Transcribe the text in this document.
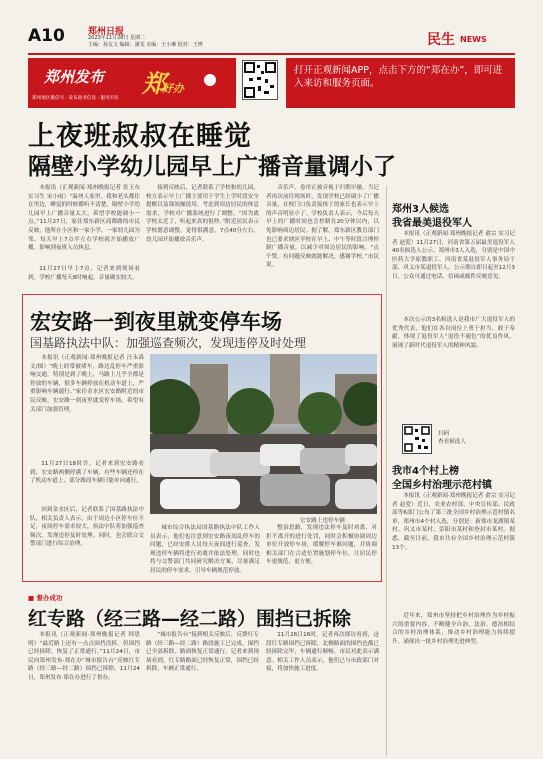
A10	郑州日报
2023年11月28日 星期二
主编：孙友文 编辑：潘雯 美编：王小琳 校对：王博	民生 NEWS
郑州发布
郑州地区微信号 · 发布政务信息 · 服务市民
郑
好办
打开正观新闻APP，点击下方的“郑在办”，即可进入来访和服务页面。
上夜班叔叔在睡觉
隔壁小学幼儿园早上广播音量调小了

本报讯（正观新闻·郑州晚报记者 张玉东 实习生 宋小雨）“温州人家里，我和老头都住在里边，睡觉的时候都听不清楚，隔壁小学幼儿园早上广播音量太大，希望学校能调小一点。”11月27日，家住郑东新区商都路的市民反映，他所在小区和一家小学、一家幼儿园为邻，每天早上7点半左右学校就开始播放广播，影响到夜班人员休息。

11月27日早上7点，记者来到现场看到，学校广播每天8时响起，音量确实较大。

接到反映后，记者联系了学校和幼儿园，校方表示早上广播主要用于学生上学时段安全提醒以及课间操使用，考虑到周边居民的休息需求，学校对广播系统进行了调整。“因为离学校太近了，听起来真的很吵。”附近居民表示学校愿意调整，觉得很满意。7点40分左右，幼儿园开始播放音乐声。

音乐声，卷帘正被音视于归期早操，当记者再次前往现场时，发现学校已经调小了广播音量，在校门口负责接孩子的家长也表示早上的声音明显小了。学校负责人表示，今后每天早上的广播时间也会控制在20分钟以内，以免影响周边居民。据了解，郑东新区教育部门也已要求辖区学校在早上、中午等时段合理控制广播音量，以减少对周边居民的影响。“点个赞，有问题反映就能解决，感谢学校。”市民说。

宏安路一到夜里就变停车场
国基路执法中队：加强巡查频次，发现违停及时处理

本报讯（正观新闻·郑州晚报记者 汪永森 文/图）“晚上经常被堵车，路边乱停车严重影响交通，特别是到了晚上，马路上几乎全都是停放的车辆，很多车辆停放在机动车道上，严重影响车辆通行。”家住金水区宏安路附近的市民反映，宏安路一到夜里就变停车场，希望有关部门加强管理。

11月27日18时许，记者来到宏安路看到，宏安路两侧停满了车辆，有些车辆还停在了机动车道上，部分路段车辆只能单向通行。

回到金水区后，记者联系了国基路执法中队，相关负责人表示，由于周边小区停车位不足，夜间停车需求较大，执法中队将加强巡查频次，发现违停及时处理。同时，也会联合交警部门进行综合治理。

宏安路上违停车辆

城市综合执法局国基路执法中队工作人员表示，他们也注意到宏安路夜间乱停车的问题，已经安排人员每天夜间进行巡查，发现违停车辆将进行劝离并依法处理，同时也将与交警部门共同研究解决方案，尽量满足居民的停车需求，引导车辆规范停放。

整治思路，发现违法停车及时劝离，对拒不离开的进行处罚，同时会积极协调周边单位开放停车场，缓解停车难问题，并协调相关部门在合适位置施划停车位，让居民停车更规范、更方便。

■ 督办成功
红专路（经三路—经二路）围挡已拆除

本报讯（正观新闻·郑州晚报记者 韩思明）“最近路上还有一点点围挡没拆，但围挡已经拆除，恢复了正常通行。”11月24日，市民向郑州发布·郑在办“城市报告台”反映红专路（经三路—经二路）围挡已拆除。11月24日，郑州发布·郑在办进行了督办。

“城市报告台”接到相关反映后，反馈红专路（经三路—经二路）路段施工已完成，围挡已全部拆除，路面恢复正常通行。记者来到现场看到，红专路路面已经恢复正常，围挡已经拆除，车辆正常通行。

11月26日16时，记者再次探访看到，这段红专路围挡已拆除，北侧路面的围挡也都已经拆除完毕，车辆通行顺畅，市民对此表示满意。相关工作人员表示，他们已与市政部门对接，将加快施工进度。

郑州3人候选
我省最美退役军人

本报讯（正观新闻·郑州晚报记者 俞宗 实习记者 赵爱）11月27日，河南省第五届最美退役军人40名候选人公示。郑州市3人入选，分别是中国中医药大学原教职工、河南省某退役军人事务局干部、巩义市某退役军人。公示期自即日起至12月3日，公众可通过电话、信函或邮件反映意见。

本次公示的3名候选人是我市广大退役军人的优秀代表，他们在各自岗位上勇于担当、敢于奉献，体现了退役军人“退役不褪色”的优良作风，展现了新时代退役军人的精神风貌。

扫码
查看候选人
我市4个村上榜
全国乡村治理示范村镇

本报讯（正观新闻·郑州晚报记者 俞宗 实习记者 赵爱）近日，农业农村部、中央宣传部、民政部等6部门公布了第三批全国乡村治理示范村镇名单，郑州市4个村入选，分别是：新郑市龙湖镇某村、巩义市某村、荥阳市某村和登封市某村。据悉，截至目前，我市共有全国乡村治理示范村镇13个。

近年来，郑州市坚持把乡村治理作为乡村振兴的重要内容，不断健全自治、法治、德治相结合的乡村治理体系，推动乡村治理能力持续提升，涌现出一批乡村治理先进典型。
